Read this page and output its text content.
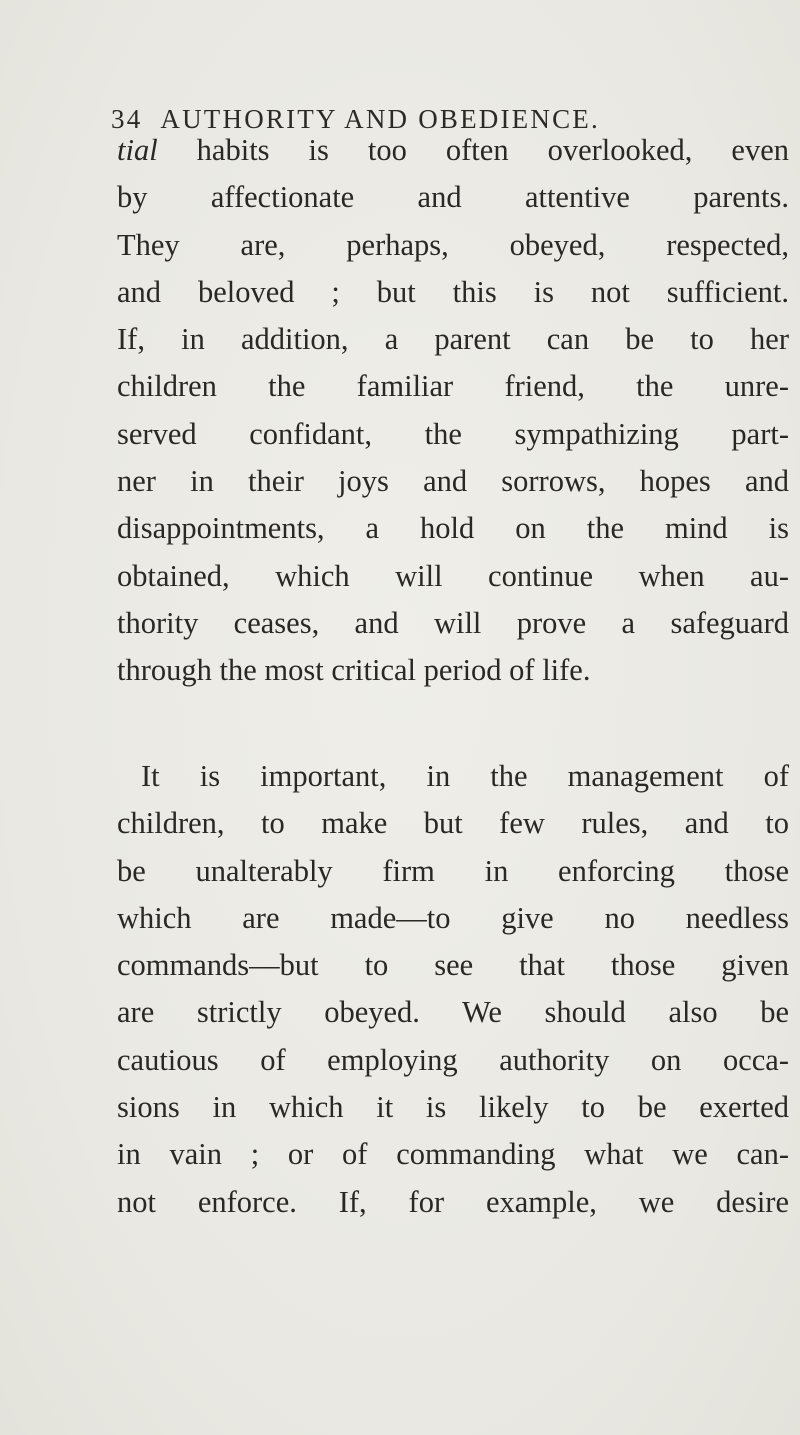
34 AUTHORITY AND OBEDIENCE.
tial habits is too often overlooked, even
by affectionate and attentive parents.
They are, perhaps, obeyed, respected,
and beloved ; but this is not sufficient.
If, in addition, a parent can be to her
children the familiar friend, the unre-
served confidant, the sympathizing part-
ner in their joys and sorrows, hopes and
disappointments, a hold on the mind is
obtained, which will continue when au-
thority ceases, and will prove a safeguard
through the most critical period of life.
It is important, in the management of
children, to make but few rules, and to
be unalterably firm in enforcing those
which are made—to give no needless
commands—but to see that those given
are strictly obeyed. We should also be
cautious of employing authority on occa-
sions in which it is likely to be exerted
in vain ; or of commanding what we can-
not enforce. If, for example, we desire
